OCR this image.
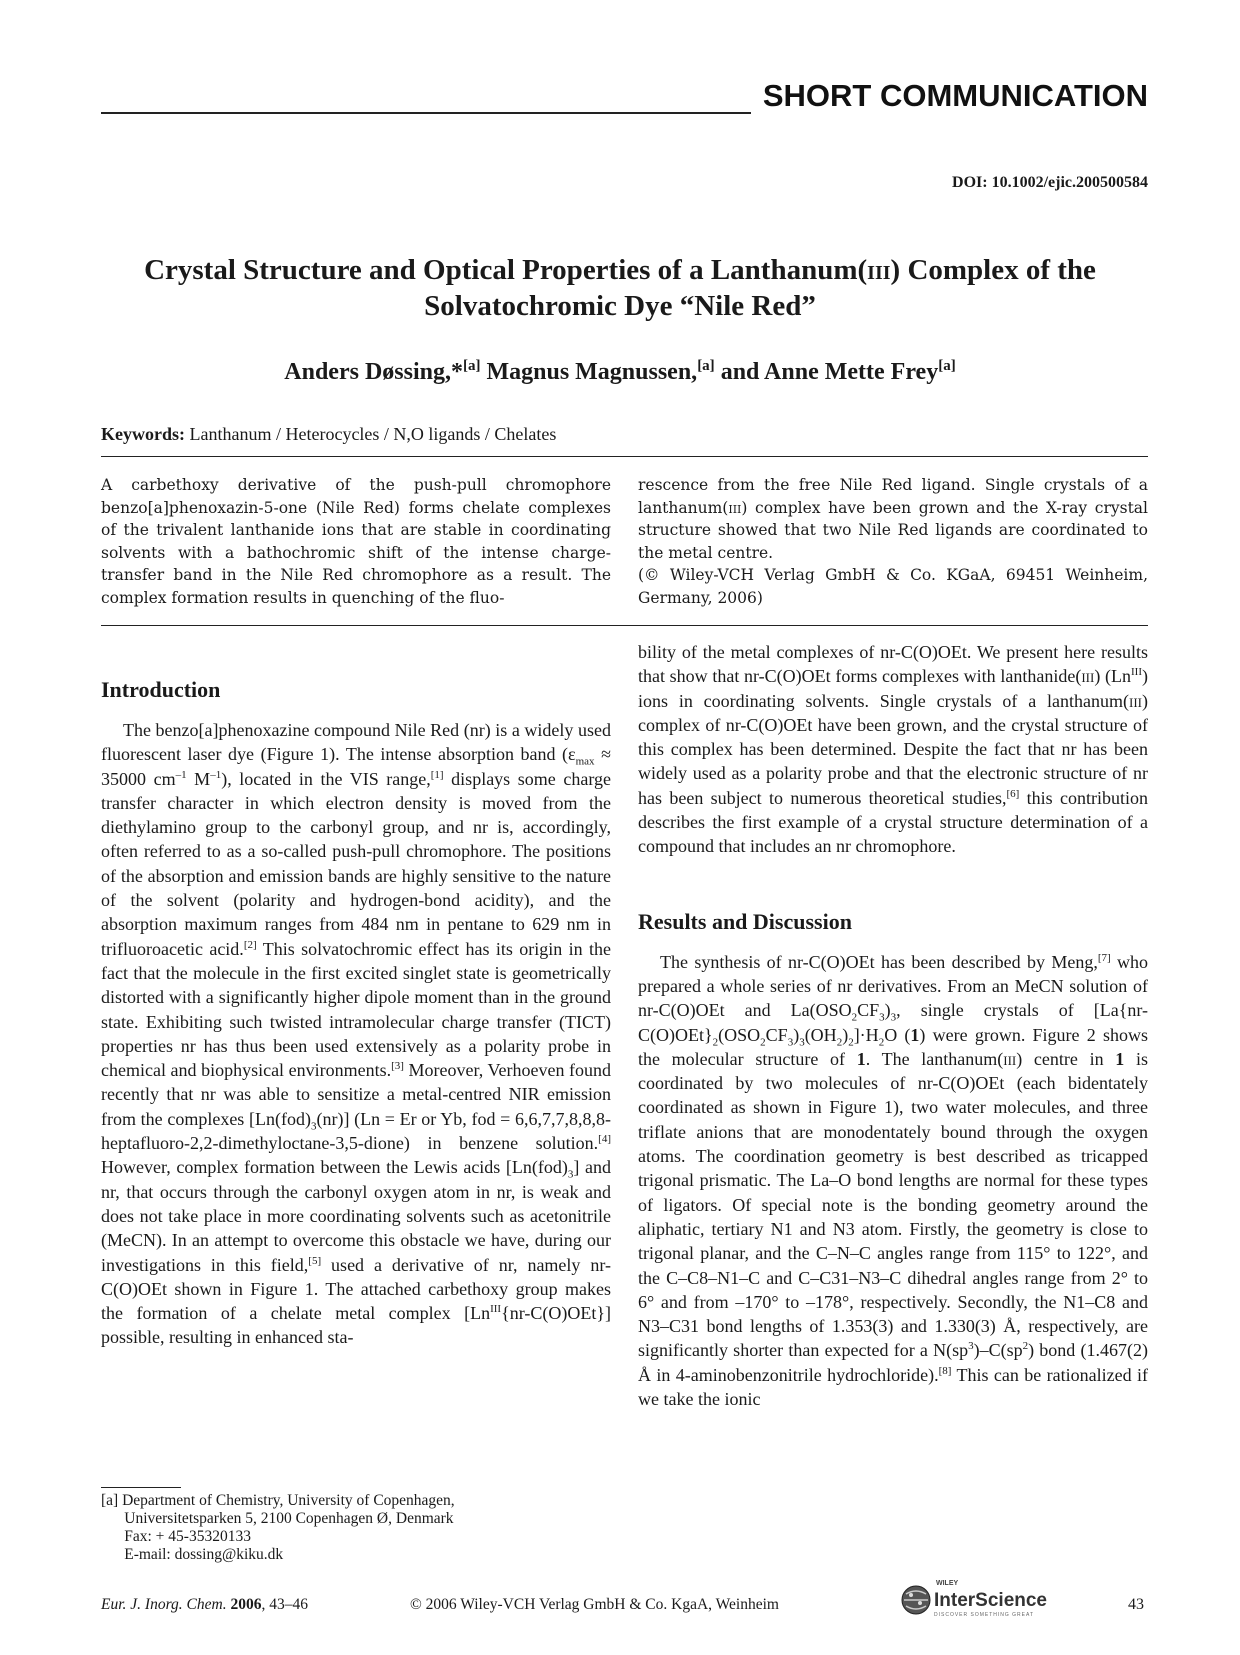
SHORT COMMUNICATION
DOI: 10.1002/ejic.200500584
Crystal Structure and Optical Properties of a Lanthanum(iii) Complex of the
Solvatochromic Dye “Nile Red”
Anders Døssing,*[a] Magnus Magnussen,[a] and Anne Mette Frey[a]
Keywords: Lanthanum / Heterocycles / N,O ligands / Chelates
A carbethoxy derivative of the push-pull chromophore benzo[a]phenoxazin-5-one (Nile Red) forms chelate complexes of the trivalent lanthanide ions that are stable in coordinating solvents with a bathochromic shift of the intense charge-transfer band in the Nile Red chromophore as a result. The complex formation results in quenching of the fluo-
rescence from the free Nile Red ligand. Single crystals of a lanthanum(iii) complex have been grown and the X-ray crystal structure showed that two Nile Red ligands are coordinated to the metal centre.
(© Wiley-VCH Verlag GmbH & Co. KGaA, 69451 Weinheim, Germany, 2006)
Introduction

The benzo[a]phenoxazine compound Nile Red (nr) is a widely used fluorescent laser dye (Figure 1). The intense absorption band ($\varepsilon_{max} \approx 35000$ $cm^{-1}$ $M^{-1}$), located in the VIS range,[1] displays some charge transfer character in which electron density is moved from the diethylamino group to the carbonyl group, and nr is, accordingly, often referred to as a so-called push-pull chromophore. The positions of the absorption and emission bands are highly sensitive to the nature of the solvent (polarity and hydrogen-bond acidity), and the absorption maximum ranges from 484 nm in pentane to 629 nm in trifluoroacetic acid.[2] This solvatochromic effect has its origin in the fact that the molecule in the first excited singlet state is geometrically distorted with a significantly higher dipole moment than in the ground state. Exhibiting such twisted intramolecular charge transfer (TICT) properties nr has thus been used extensively as a polarity probe in chemical and biophysical environments.[3] Moreover, Verhoeven found recently that nr was able to sensitize a metal-centred NIR emission from the complexes $[Ln(fod)_3(nr)] (Ln = Er$ or Yb, fod = 6,6,7,7,8,8,8-heptafluoro-2,2-dimethyloctane-3,5-dione) in benzene solution.[4] However, complex formation between the Lewis acids $[Ln(fod)_3]$ and nr, that occurs through the carbonyl oxygen atom in nr, is weak and does not take place in more coordinating solvents such as acetonitrile (MeCN). In an attempt to overcome this obstacle we have, during our investigations in this field,[5] used a derivative of nr, namely nr-C(O)OEt shown in Figure 1. The attached carbethoxy group makes the formation of a chelate metal complex $[Ln^{III}\{nr-C(O)OEt\}]$ possible, resulting in enhanced sta-

bility of the metal complexes of nr-C(O)OEt. We present here results that show that nr-C(O)OEt forms complexes with lanthanide(iii) $(Ln^{III})$ ions in coordinating solvents. Single crystals of a lanthanum(iii) complex of nr-C(O)OEt have been grown, and the crystal structure of this complex has been determined. Despite the fact that nr has been widely used as a polarity probe and that the electronic structure of nr has been subject to numerous theoretical studies,[6] this contribution describes the first example of a crystal structure determination of a compound that includes an nr chromophore.

Results and Discussion

The synthesis of nr-C(O)OEt has been described by Meng,[7] who prepared a whole series of nr derivatives. From an MeCN solution of nr-C(O)OEt and $La(OSO_2CF_3)_3$, single crystals of $[La\{nr-C(O)OEt\}_2(OSO_2CF_3)_3(OH_2)_2]\cdot H_2O$ (1) were grown. Figure 2 shows the molecular structure of 1. The lanthanum(iii) centre in 1 is coordinated by two molecules of nr-C(O)OEt (each bidentately coordinated as shown in Figure 1), two water molecules, and three triflate anions that are monodentately bound through the oxygen atoms. The coordination geometry is best described as tricapped trigonal prismatic. The La–O bond lengths are normal for these types of ligators. Of special note is the bonding geometry around the aliphatic, tertiary N1 and N3 atom. Firstly, the geometry is close to trigonal planar, and the C–N–C angles range from 115° to 122°, and the C–C8–N1–C and C–C31–N3–C dihedral angles range from 2° to 6° and from –170° to –178°, respectively. Secondly, the N1–C8 and N3–C31 bond lengths of 1.353(3) and 1.330(3) Å, respectively, are significantly shorter than expected for a $N(sp^3)-C(sp^2)$ bond (1.467(2) Å in 4-aminobenzonitrile hydrochloride).[8] This can be rationalized if we take the ionic

[a] Department of Chemistry, University of Copenhagen,
Universitetsparken 5, 2100 Copenhagen Ø, Denmark
Fax: + 45-35320133
E-mail: dossing@kiku.dk
Eur. J. Inorg. Chem. 2006, 43–46	© 2006 Wiley-VCH Verlag GmbH & Co. KgaA, Weinheim
WILEY
InterScience
DISCOVER SOMETHING GREAT
43
